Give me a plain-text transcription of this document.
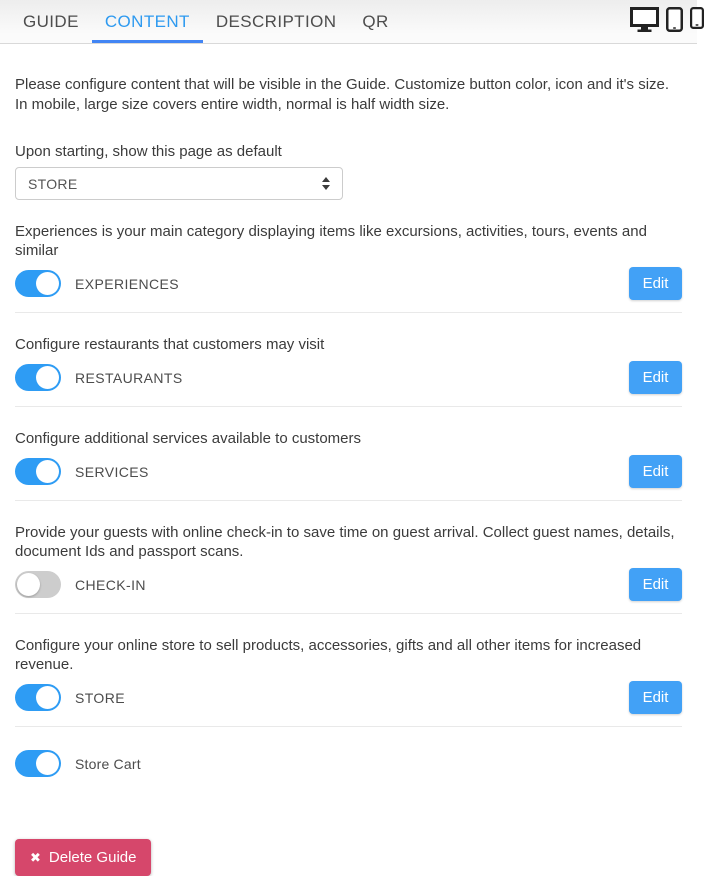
GUIDE CONTENT DESCRIPTION QR

Please configure content that will be visible in the Guide. Customize button color, icon and it's size. In mobile, large size covers entire width, normal is half width size.

Upon starting, show this page as default
STORE
Experiences is your main category displaying items like excursions, activities, tours, events and similar
EXPERIENCES	Edit
Configure restaurants that customers may visit
RESTAURANTS	Edit
Configure additional services available to customers
SERVICES	Edit
Provide your guests with online check-in to save time on guest arrival. Collect guest names, details, document Ids and passport scans.
CHECK-IN	Edit
Configure your online store to sell products, accessories, gifts and all other items for increased revenue.
STORE	Edit
Store Cart
✖ Delete Guide
